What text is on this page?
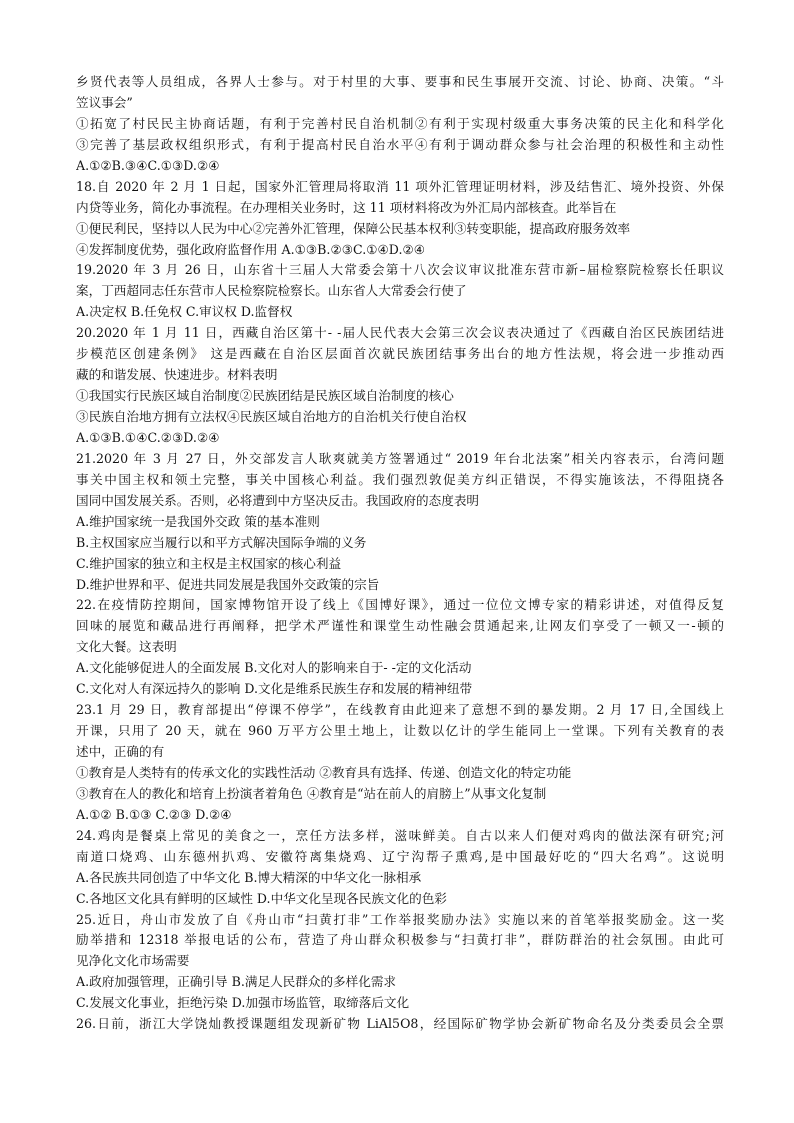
乡贤代表等人员组成，各界人士参与。对于村里的大事、要事和民生事展开交流、讨论、协商、决策。“斗
笠议事会”
①拓宽了村民民主协商话题，有利于完善村民自治机制②有利于实现村级重大事务决策的民主化和科学化
③完善了基层政权组织形式，有利于提高村民自治水平④有利于调动群众参与社会治理的积极性和主动性
A.①②B.③④C.①③D.②④
18.自 2020 年 2 月 1 日起，国家外汇管理局将取消 11 项外汇管理证明材料，涉及结售汇、境外投资、外保
内贷等业务，简化办事流程。在办理相关业务时，这 11 项材料将改为外汇局内部核查。此举旨在
①便民利民，坚持以人民为中心②完善外汇管理，保障公民基本权利③转变职能，提高政府服务效率
④发挥制度优势，强化政府监督作用 A.①③B.②③C.①④D.②④
19.2020 年 3 月 26 日，山东省十三届人大常委会第十八次会议审议批准东营市新–届检察院检察长任职议
案，丁西超同志任东营市人民检察院检察长。山东省人大常委会行使了
A.决定权 B.任免权 C.审议权 D.监督权
20.2020 年 1 月 11 日，西藏自治区第十- -届人民代表大会第三次会议表决通过了《西藏自治区民族团结进
步模范区创建条例》 这是西藏在自治区层面首次就民族团结事务出台的地方性法规，将会进一步推动西
藏的和谐发展、快速进步。材料表明
①我国实行民族区域自治制度②民族团结是民族区域自治制度的核心
③民族自治地方拥有立法权④民族区域自治地方的自治机关行使自治权
A.①③B.①④C.②③D.②④
21.2020 年 3 月 27 日，外交部发言人耿爽就美方签署通过“ 2019 年台北法案”相关内容表示，台湾问题
事关中国主权和领土完整，事关中国核心利益。我们强烈敦促美方纠正错误，不得实施该法，不得阻挠各
国同中国发展关系。否则，必将遭到中方坚决反击。我国政府的态度表明
A.维护国家统一是我国外交政 策的基本准则
B.主权国家应当履行以和平方式解决国际争端的义务
C.维护国家的独立和主权是主权国家的核心利益
D.维护世界和平、促进共同发展是我国外交政策的宗旨
22.在疫情防控期间，国家博物馆开设了线上《国博好课》，通过一位位文博专家的精彩讲述，对值得反复
回味的展览和藏品进行再阐释，把学术严谨性和课堂生动性融会贯通起来,让网友们享受了一顿又一-顿的
文化大餐。这表明
A.文化能够促进人的全面发展 B.文化对人的影响来自于- -定的文化活动
C.文化对人有深远持久的影响 D.文化是维系民族生存和发展的精神纽带
23.1 月 29 日，教育部提出“停课不停学”，在线教育由此迎来了意想不到的暴发期。2 月 17 日,全国线上
开课，只用了 20 天，就在 960 万平方公里土地上，让数以亿计的学生能同上一堂课。下列有关教育的表
述中，正确的有
①教育是人类特有的传承文化的实践性活动 ②教育具有选择、传递、创造文化的特定功能
③教育在人的教化和培育上扮演者着角色 ④教育是“站在前人的肩膀上”从事文化复制
A.①② B.①③ C.②③ D.②④
24.鸡肉是餐桌上常见的美食之一，烹任方法多样，滋味鲜美。自古以来人们便对鸡肉的做法深有研究;河
南道口烧鸡、山东德州扒鸡、安徽符离集烧鸡、辽宁沟帮子熏鸡,是中国最好吃的“四大名鸡”。这说明
A.各民族共同创造了中华文化 B.博大精深的中华文化一脉相承
C.各地区文化具有鲜明的区域性 D.中华文化呈现各民族文化的色彩
25.近日，舟山市发放了自《舟山市“扫黄打非”工作举报奖励办法》实施以来的首笔举报奖励金。这一奖
励举措和 12318 举报电话的公布，营造了舟山群众积极参与“扫黄打非”，群防群治的社会氛围。由此可
见净化文化市场需要
A.政府加强管理，正确引导 B.满足人民群众的多样化需求
C.发展文化事业，拒绝污染 D.加强市场监管，取缔落后文化
26.日前，浙江大学饶灿教授课题组发现新矿物 LiAl5O8，经国际矿物学协会新矿物命名及分类委员会全票
